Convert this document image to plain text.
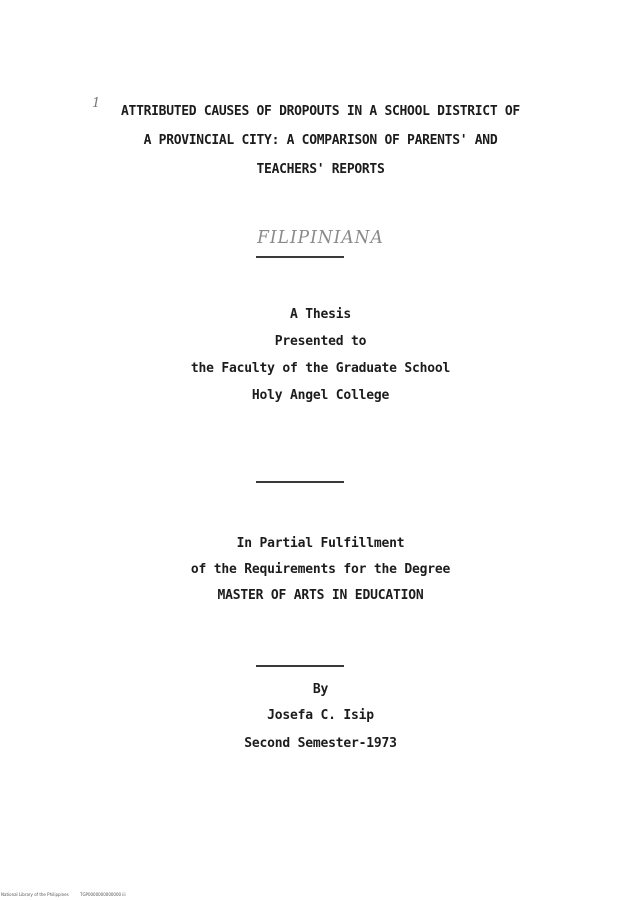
1
ATTRIBUTED CAUSES OF DROPOUTS IN A SCHOOL DISTRICT OF
A PROVINCIAL CITY: A COMPARISON OF PARENTS' AND
TEACHERS' REPORTS
FILIPINIANA
A Thesis
Presented to
the Faculty of the Graduate School
Holy Angel College
In Partial Fulfillment
of the Requirements for the Degree
MASTER OF ARTS IN EDUCATION
By
Josefa C. Isip
Second Semester-1973
National Library of the Philippines	TGP0000000000000 iii
